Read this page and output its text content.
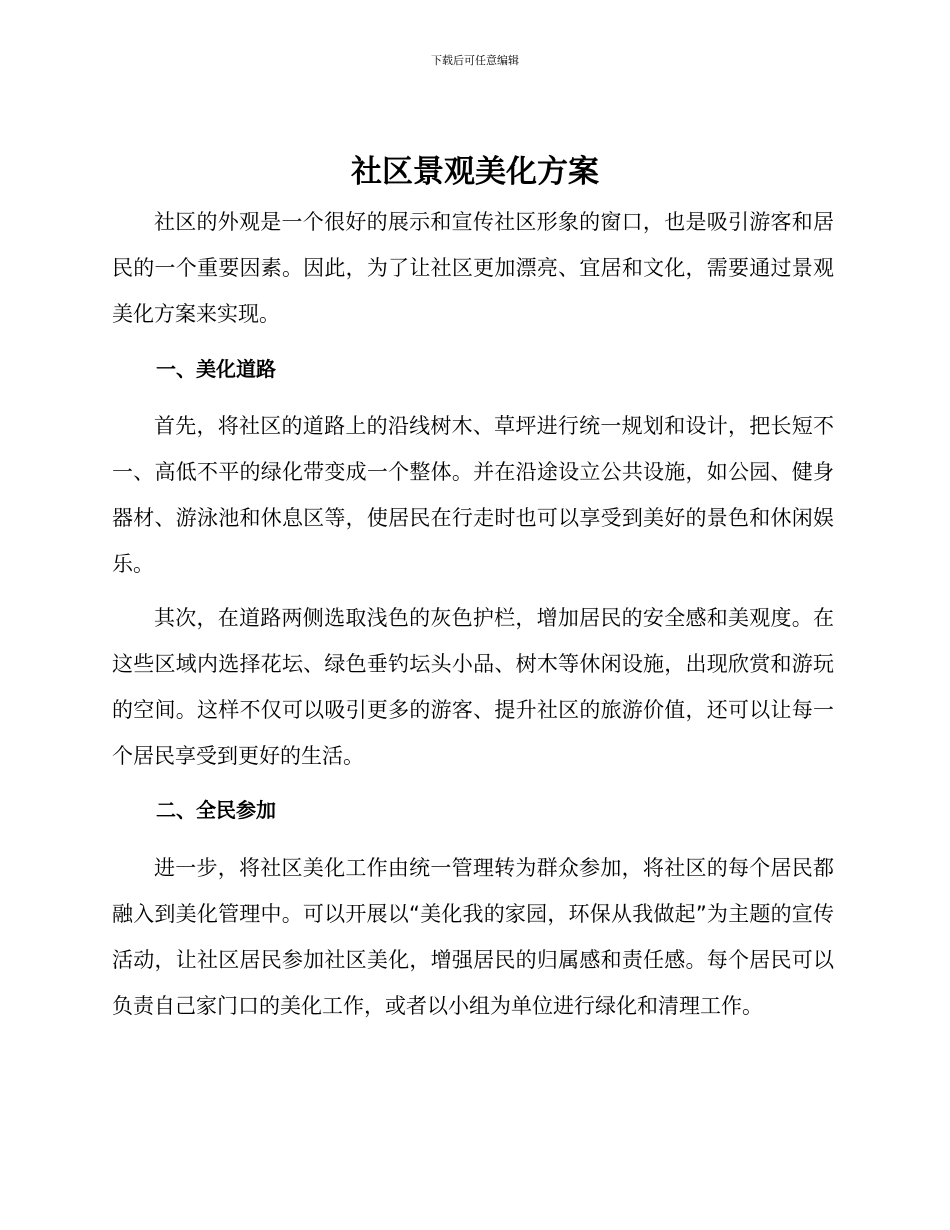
下载后可任意编辑
社区景观美化方案

社区的外观是一个很好的展示和宣传社区形象的窗口，也是吸引游客和居民的一个重要因素。因此，为了让社区更加漂亮、宜居和文化，需要通过景观美化方案来实现。

一、美化道路

首先，将社区的道路上的沿线树木、草坪进行统一规划和设计，把长短不一、高低不平的绿化带变成一个整体。并在沿途设立公共设施，如公园、健身器材、游泳池和休息区等，使居民在行走时也可以享受到美好的景色和休闲娱乐。

其次，在道路两侧选取浅色的灰色护栏，增加居民的安全感和美观度。在这些区域内选择花坛、绿色垂钓坛头小品、树木等休闲设施，出现欣赏和游玩的空间。这样不仅可以吸引更多的游客、提升社区的旅游价值，还可以让每一个居民享受到更好的生活。

二、全民参加

进一步，将社区美化工作由统一管理转为群众参加，将社区的每个居民都融入到美化管理中。可以开展以“美化我的家园，环保从我做起”为主题的宣传活动，让社区居民参加社区美化，增强居民的归属感和责任感。每个居民可以负责自己家门口的美化工作，或者以小组为单位进行绿化和清理工作。
